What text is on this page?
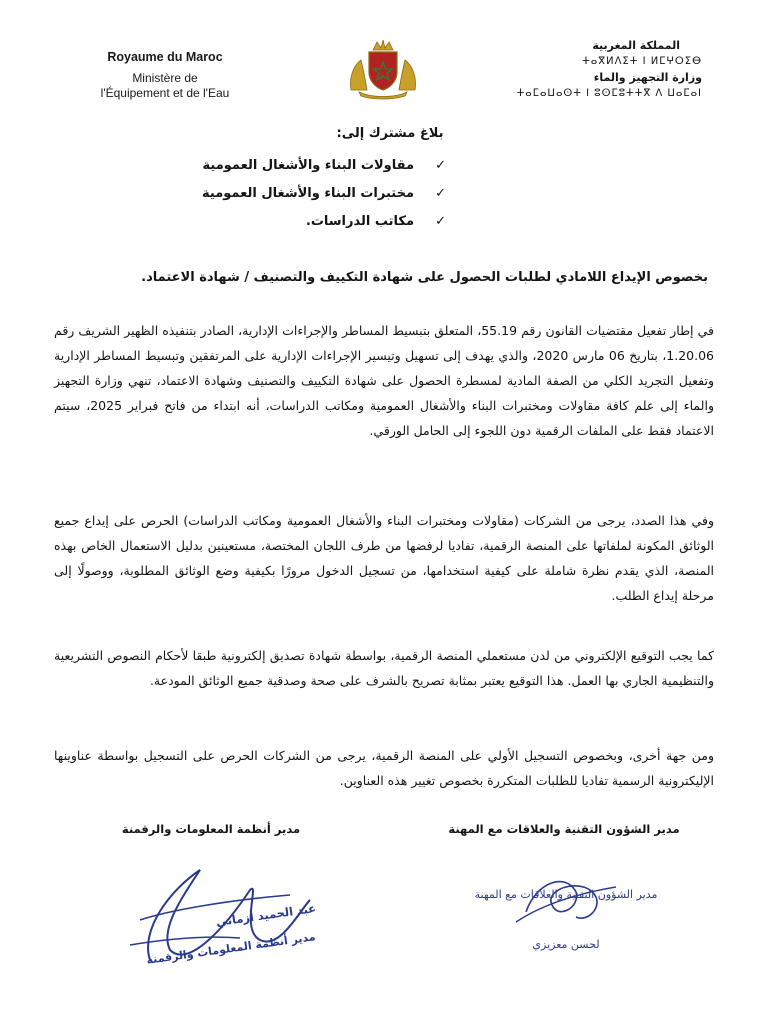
Royaume du Maroc
Ministère de
l'Équipement et de l'Eau
المملكة المغربية
ⵜⴰⴳⵍⴷⵉⵜ ⵏ ⵍⵎⵖⵔⵉⴱ
وزارة التجهيز والماء
ⵜⴰⵎⴰⵡⴰⵙⵜ ⵏ ⵓⵙⵎⵓⵜⵜⴳ ⴷ ⵡⴰⵎⴰⵏ
بلاغ مشترك إلى:
✓مقاولات البناء والأشغال العمومية
✓مختبرات البناء والأشغال العمومية
✓مكاتب الدراسات.
بخصوص الإيداع اللامادي لطلبات الحصول على شهادة التكييف والتصنيف / شهادة الاعتماد.
في إطار تفعيل مقتضيات القانون رقم 55.19، المتعلق بتبسيط المساطر والإجراءات الإدارية، الصادر بتنفيذه الظهير الشريف رقم 1.20.06، بتاريخ 06 مارس 2020، والذي يهدف إلى تسهيل وتيسير الإجراءات الإدارية على المرتفقين وتبسيط المساطر الإدارية وتفعيل التجريد الكلي من الصفة المادية لمسطرة الحصول على شهادة التكييف والتصنيف وشهادة الاعتماد، تنهي وزارة التجهيز والماء إلى علم كافة مقاولات ومختبرات البناء والأشغال العمومية ومكاتب الدراسات، أنه ابتداء من فاتح فبراير 2025، سيتم الاعتماد فقط على الملفات الرقمية دون اللجوء إلى الحامل الورقي.
وفي هذا الصدد، يرجى من الشركات (مقاولات ومختبرات البناء والأشغال العمومية ومكاتب الدراسات) الحرص على إيداع جميع الوثائق المكونة لملفاتها على المنصة الرقمية، تفاديا لرفضها من طرف اللجان المختصة، مستعينين بدليل الاستعمال الخاص بهذه المنصة، الذي يقدم نظرة شاملة على كيفية استخدامها، من تسجيل الدخول مرورًا بكيفية وضع الوثائق المطلوبة، ووصولًا إلى مرحلة إيداع الطلب.
كما يجب التوقيع الإلكتروني من لدن مستعملي المنصة الرقمية، بواسطة شهادة تصديق إلكترونية طبقا لأحكام النصوص التشريعية والتنظيمية الجاري بها العمل. هذا التوقيع يعتبر بمثابة تصريح بالشرف على صحة وصدقية جميع الوثائق المودعة.
ومن جهة أخرى، وبخصوص التسجيل الأولي على المنصة الرقمية، يرجى من الشركات الحرص على التسجيل بواسطة عناوينها الإليكترونية الرسمية تفاديا للطلبات المتكررة بخصوص تغيير هذه العناوين.
مدير أنظمة المعلومات والرقمنة	مدير الشؤون التقنية والعلاقات مع المهنة
عبد الحميد أزماني
مدير أنظمة المعلومات والرقمنة
مدير الشؤون التقنية والعلاقات مع المهنة
لحسن معزيزي
